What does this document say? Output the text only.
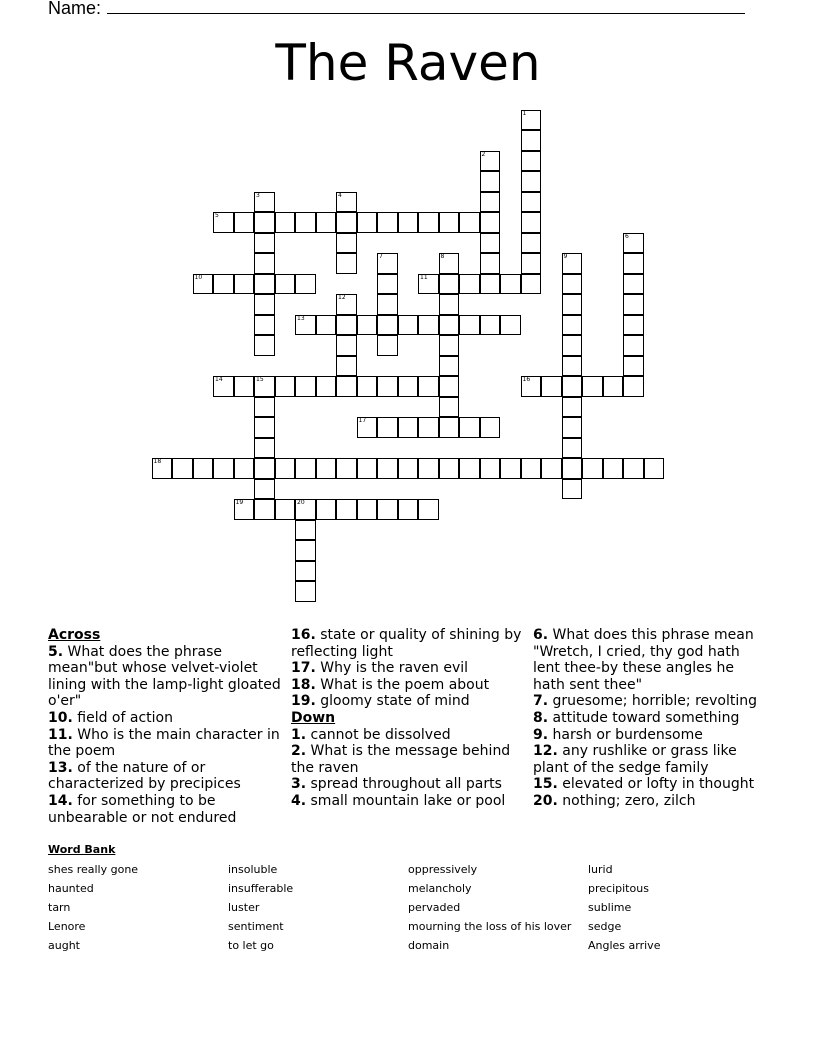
Name:
The Raven
1
2
3	4
5
6
7	8	9
10	11
12
13
14	15	16
17
18
19	20
Across
5. What does the phrase mean"but whose velvet-violet lining with the lamp-light gloated o'er"
10. field of action
11. Who is the main character in the poem
13. of the nature of or characterized by precipices
14. for something to be unbearable or not endured
16. state or quality of shining by reflecting light
17. Why is the raven evil
18. What is the poem about
19. gloomy state of mind
Down
1. cannot be dissolved
2. What is the message behind the raven
3. spread throughout all parts
4. small mountain lake or pool
6. What does this phrase mean "Wretch, I cried, thy god hath lent thee-by these angles he hath sent thee"
7. gruesome; horrible; revolting
8. attitude toward something
9. harsh or burdensome
12. any rushlike or grass like plant of the sedge family
15. elevated or lofty in thought
20. nothing; zero, zilch
Word Bank
shes really gone
haunted
tarn
Lenore
aught
insoluble
insufferable
luster
sentiment
to let go
oppressively
melancholy
pervaded
mourning the loss of his lover
domain
lurid
precipitous
sublime
sedge
Angles arrive
